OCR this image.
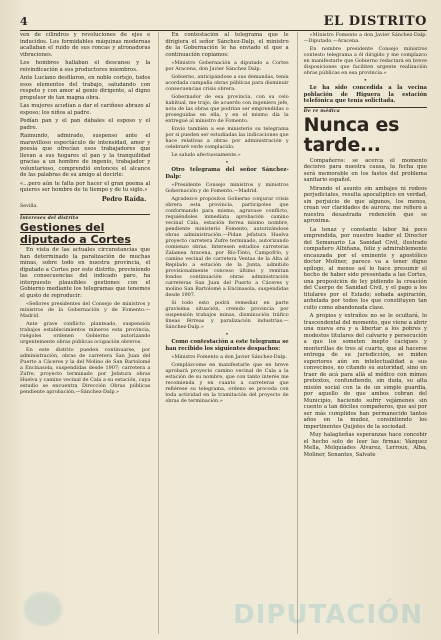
4	EL DISTRITO

ven de cilindros y revoluciones de ejes e inducidos. Los formidables máquinas modernas acallaban el ruido de sus roncas y atronadoras vibraciones.

Los hombres hallaban el descanso y la reivindicación a sus productores miembros.

Ante Luciano desfilaron, en noble cortejo, todos esos elementos del trabajo, saludando con respeto y con amor al genio dirigente, al digno propulsor de tan magna obra.

Las mujeres acudían a dar el cariñoso abrazo al esposo; los niños al padre.

Pedían pan y el pan dábales el esposo y el padre.

Raimundo, admirado, suspenso ante el maravilloso espectáculo de intensidad, amor y poesía que ofrecían esos trabajadores que llevan a sus hogares el pan y la tranquilidad gracias a un hombre de ingenio, trabajador y voluntarioso, comprendió entonces el alcance de las palabras de su amigo al decirle:

«...pero aún te falta por hacer el gran poema al quieres ser hombre de tu tiempo y de tu siglo.»

Pedro Raída.

Sevilla.

Intereses del distrito
Gestiones del diputado a Cortes

En vista de las actuales circunstancias que han determinado la paralización de muchas minas, sobre todo en nuestra provincia, el diputado a Cortes por este distrito, previniendo las consecuencias del indicado paro, ha interpuesto plausibles gestiones con el Gobierno mediante los telegramas que tenemos el gusto de reproducir:

«Señores presidentes del Consejo de ministros y ministros de la Gobernación y de Fomento.—Madrid.

Ante grave conflicto planteado, suspensión trabajos establecimientos mineros esta provincia, ruégoles ordenen Gobierno autorizando urgentemente obras públicas ocupación obreros.

En este distrito pueden continuarse, por administración, obras de carretera San Juan del Puerto a Cáceres y la del Molino de San Bartolomé a Encinasola, suspendidas desde 1907; carretera a Zufre, proyecto terminado por Jefatura obras Huelva y camino vecinal de Cala a su estación, cuya estudio se encuentra Dirección Obras públicas pendiente aprobación.—Sánchez-Dalp.»

En contestación al telegrama que le dirigiera el señor Sánchez-Dalp, el ministro de la Gobernación le ha enviado el que a continuación copiamos:

«Ministro Gobernación a diputado a Cortes por Aracena, don Javier Sánchez Dalp.

Gobierno, anticipándose a sus demandas, tenía acordada campaña obras públicas para disminuir consecuencias crisis obrera.

Gobernador de esa provincia, con su celo habitual, me trajo, de acuerdo con ingeniero jefe, nota de las obras que podrían ser emprendidas o proseguidas en ella, y en el mismo día la entregué al ministro de Fomento.

Envío también a ese ministerio su telegrama por si pueden ser estudiadas las indicaciones que hace relativas a obras por administración y celebraré verle complacido.

Le saludo afectuosamente.»

•

Otro telegrama del señor Sánchez-Dalp:

«Presidente Consejo ministros y ministros Gobernación y de Fomento.—Madrid.

Agradezco propósitos Gobierno conjurar crisis obrera esta provincia, participoles que conformando para mismo, agravase conflicto, requiéndoles inmediata aprobación camino vecinal Cala, estación ferrea mismo nombre, pendiente ministerio Fomento, autorizándose obras administración.—Pidan jefatura Huelva proyecto carretera Zufre terminado, autorizando comienzo obras. Interesen estudios carreteras Zalamea Aracena, por Río-Tinto, Campofrío, y camino vecinal de carretera Ventas de la Alta al Repilado a estación de la Junta, admitido provisionalmente conceso último y remitan fondos continuación obras administración carreteras San Juan del Puerto a Cáceres y molino San Bartolomé a Encinasola, suspendidas desde 1907.

Si todo esto podrá remediar en parte gravísima situación, cremdo provincia por suspensión trabajos minas, disminución tráfico líneas férreas y paralización industrias.—Sánchez-Dalp.»

•

Como contestación a este telegrama se han recibido los siguientes despachos:

«Ministro Fomento a don Javier Sánchez-Dalp.

Complázcome en manifestarle que en breve aprobará proyecto camino vecinal de Cala a la estación de su nombre, que con tanto interés me recomienda y en cuanto a carreteras que refiérese su telegrama, ordeno se proceda con toda actividad en la tramitación del proyecto de obras de terminación.»

«Ministro Fomento a don Javier Sánchez-Dalp.—Diputado.—Aracena.

En nombre presidente Consejo ministros contesto telegrama a él dirigido y me complazco en manifestarle que Gobierno redactará en breve disposiciones que faciliten urgente realización obras públicas en esa provincia.»

•

Le ha sido concedida a la vecina población de Higuera la estación telefónica que tenía solicitada.

De re médica
Nunca es tarde...

Compañeros: se acerca el momento decisivo para nuestra causa, la fecha que será memorable en los fastos del problema sanitario español.

Mirando el asunto sin ambajes ni rodeos perjudiciales, resulta apocalíptico en verdad, sin perjuicio de que algunos, los menos, crean ver claridades de aurora; me refiero a nuestra desastrada redención que se aproxima.

La tenaz y constante labor há poco emprendida, por nuestro leader el Director del Semanario La Sanidad Civil, ilustrado compañero Albiñana, feliz y admirablemente encauzada por el eminente y apostólico doctor Moliner, parece va a tener digno epílogo, al menos así lo hace presumir el hecho de haber sido presentada a las Cortes, una proposición de ley pidiendo la creación del Cuerpo de Sanidad Civil, y el pago a los titulares por el Estado; sobada aspiración, anhelada por todos los que constituyen tan culto como abandonada clase.

A propios y extraños no se le ocultará, lo trascendental del momento, que viene a abrir una nueva era y a libertar a los pobres y modestos titulares del calvario y persecución a que los someten inepto caciques y monterillas de tres al cuarto, que al hacerse entrega de su jurisdicción, se miden superiores aún en intelectualidad a sus convecinos, no citando su autoridad, sino en traer de acá para allá al médico con mimos pretextos, confundiendo, sin duda, su alta misión social con la de un simple guardia, por aquello de que ambos cobran del Municipio, haciendo sufrir vejámenes sin cuento a tan dóciles compañeros, que así por ser más cumplidos han permanecido tantos años en la mudez, consintiendo los impertinentes Quijotes de la sociedad.

Muy halagüeñas esperanzas hace concebir el hecho solo de leer las firmas: Vázquez Mella, Melquíades Álvarez, Lerroux, Alba, Moliner, Senantes, Salvate

DIPUTACIÓN
